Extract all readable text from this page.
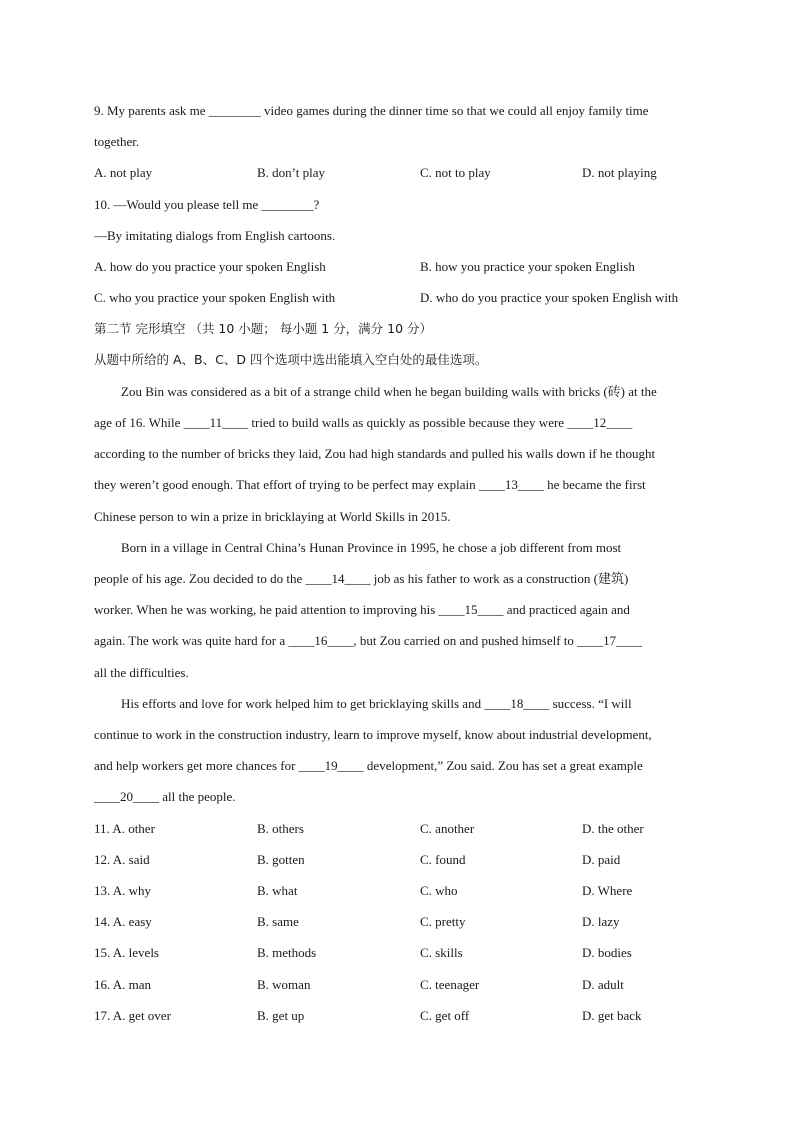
9. My parents ask me ________ video games during the dinner time so that we could all enjoy family time
together.
A. not play	B. don’t play	C. not to play	D. not playing
10. —Would you please tell me ________?
—By imitating dialogs from English cartoons.
A. how do you practice your spoken English	B. how you practice your spoken English
C. who you practice your spoken English with	D. who do you practice your spoken English with
第二节 完形填空 （共 10 小题； 每小题 1 分，满分 10 分）
从题中所给的 A、B、C、D 四个选项中选出能填入空白处的最佳选项。
Zou Bin was considered as a bit of a strange child when he began building walls with bricks (砖) at the
age of 16. While ____11____ tried to build walls as quickly as possible because they were ____12____
according to the number of bricks they laid, Zou had high standards and pulled his walls down if he thought
they weren’t good enough. That effort of trying to be perfect may explain ____13____ he became the first
Chinese person to win a prize in bricklaying at World Skills in 2015.
Born in a village in Central China’s Hunan Province in 1995, he chose a job different from most
people of his age. Zou decided to do the ____14____ job as his father to work as a construction (建筑)
worker. When he was working, he paid attention to improving his ____15____ and practiced again and
again. The work was quite hard for a ____16____, but Zou carried on and pushed himself to ____17____
all the difficulties.
His efforts and love for work helped him to get bricklaying skills and ____18____ success. “I will
continue to work in the construction industry, learn to improve myself, know about industrial development,
and help workers get more chances for ____19____ development,” Zou said. Zou has set a great example
____20____ all the people.
11. A. other	B. others	C. another	D. the other
12. A. said	B. gotten	C. found	D. paid
13. A. why	B. what	C. who	D. Where
14. A. easy	B. same	C. pretty	D. lazy
15. A. levels	B. methods	C. skills	D. bodies
16. A. man	B. woman	C. teenager	D. adult
17. A. get over	B. get up	C. get off	D. get back
